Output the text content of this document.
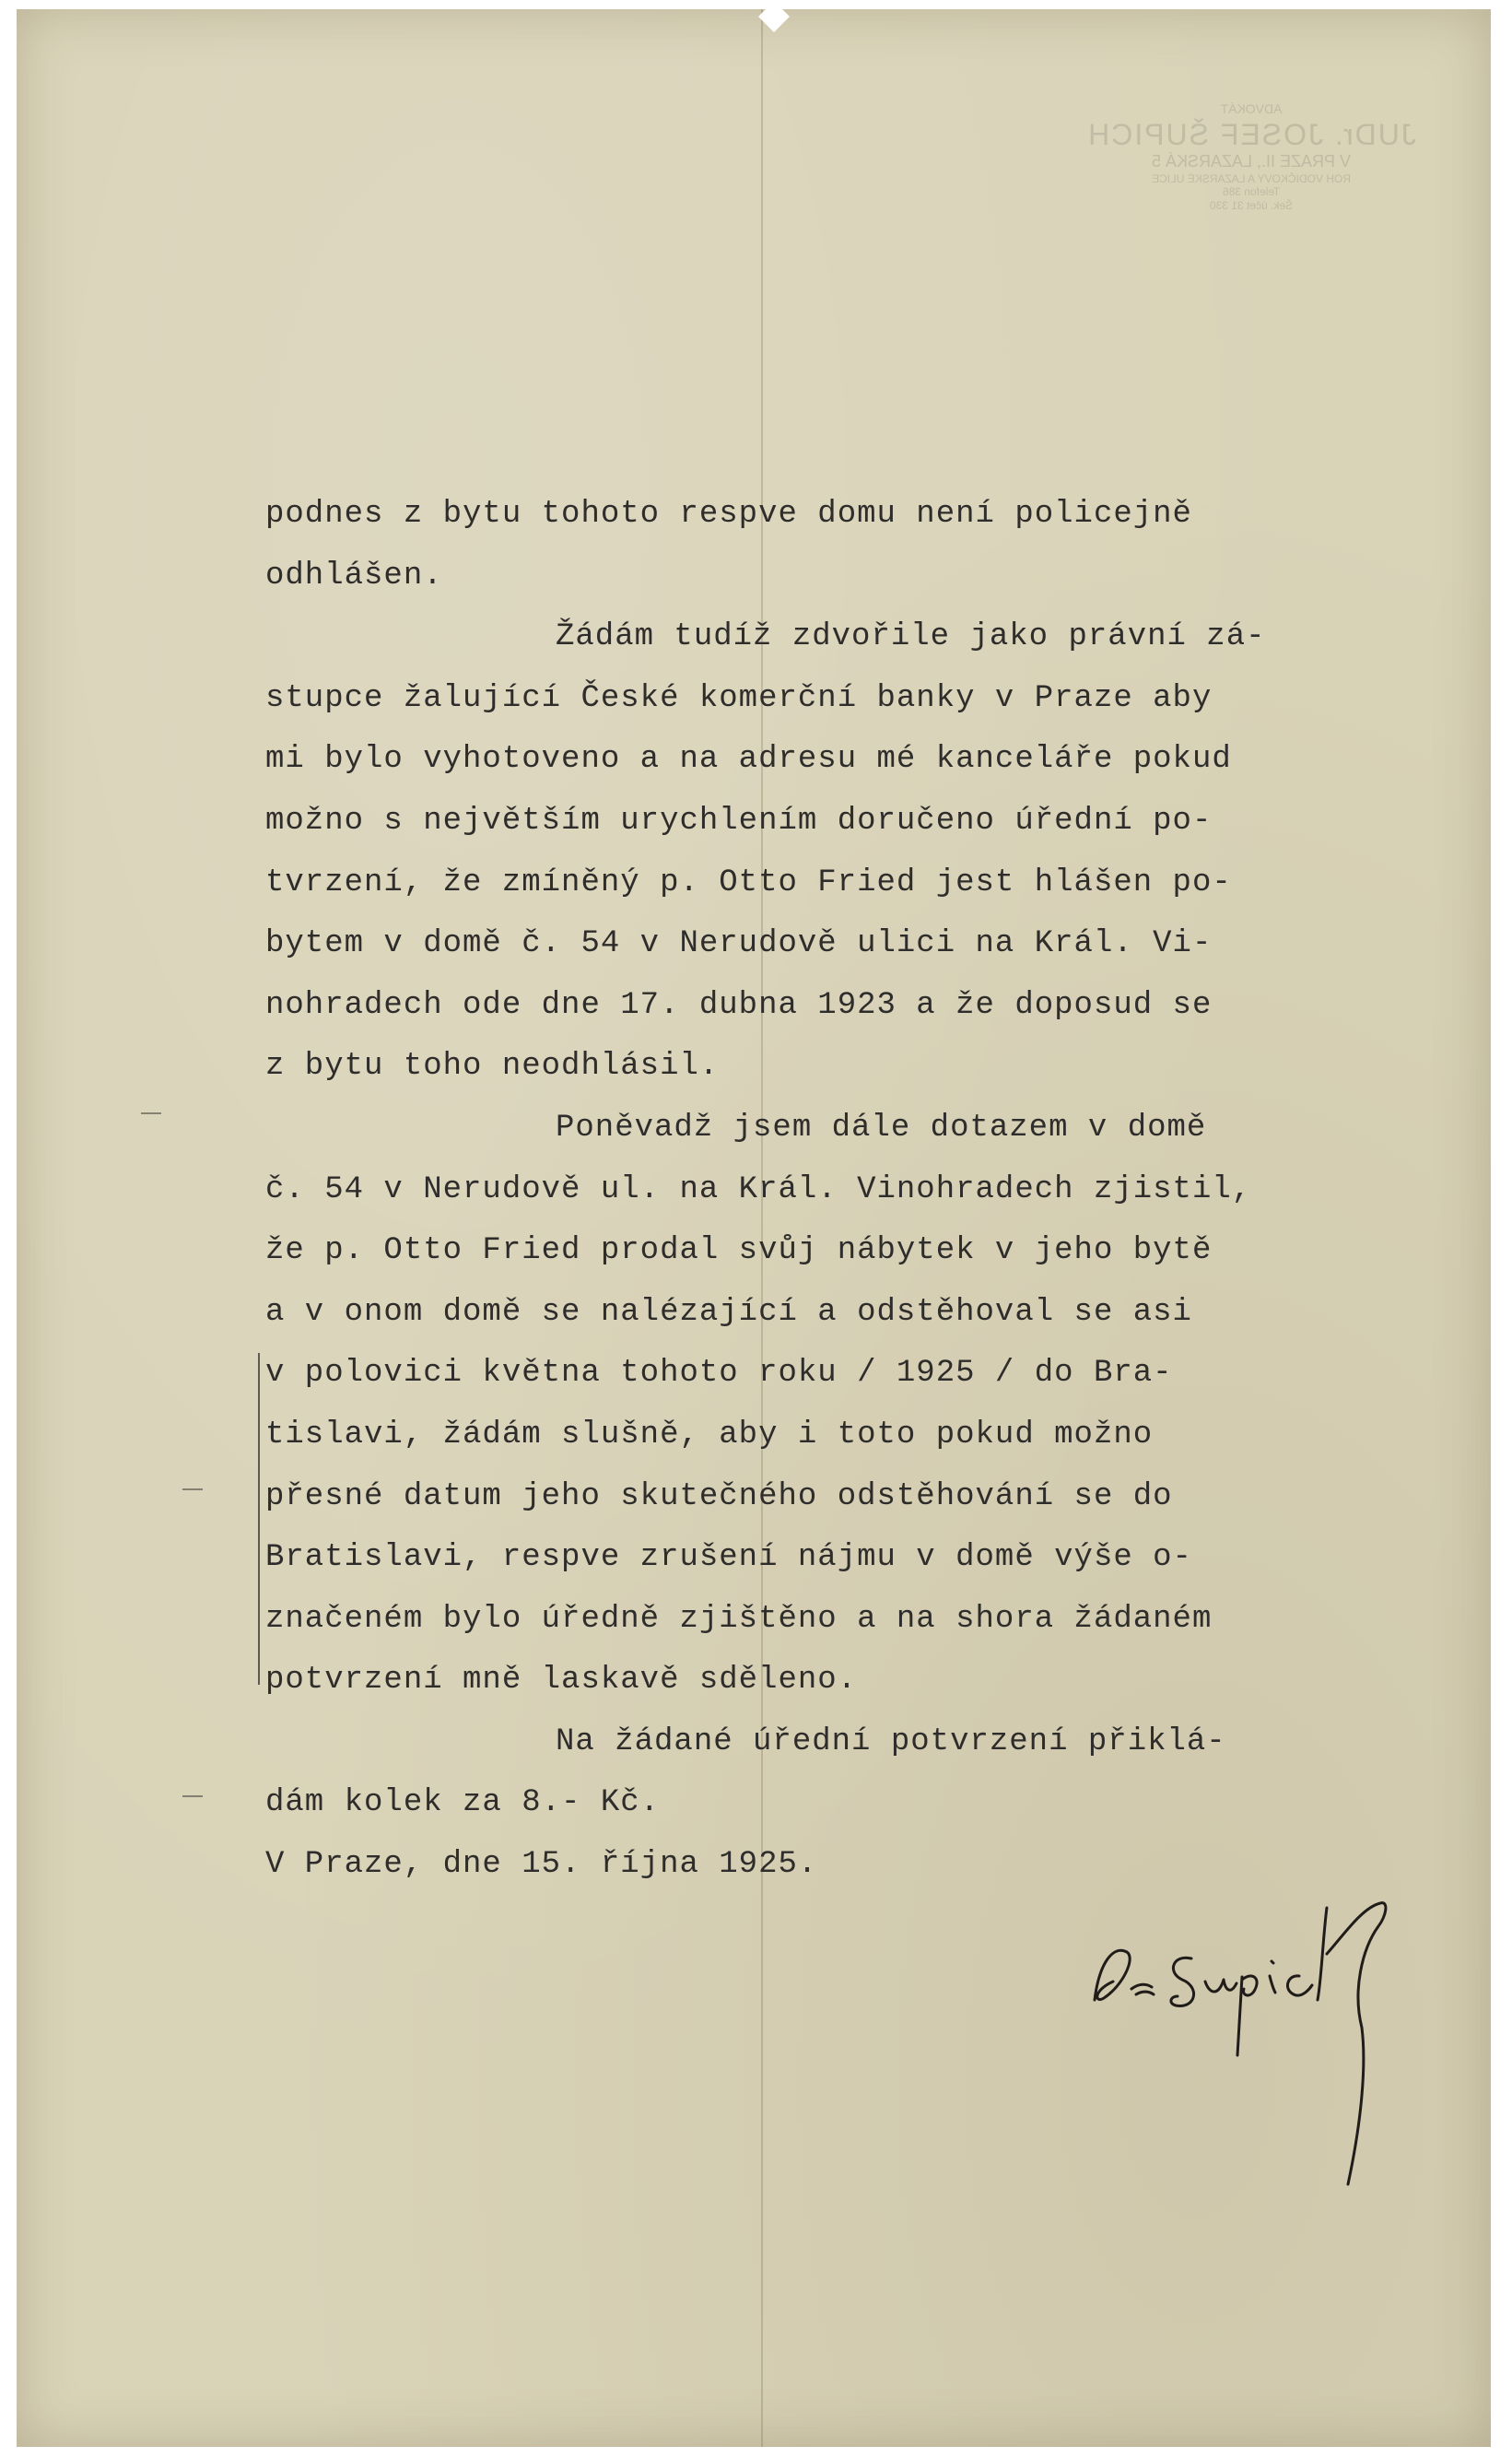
ADVOKÁT
JUDr. JOSEF ŠUPICH
V PRAZE II., LAZARSKÁ 5
ROH VODIČKOVY A LAZARSKÉ ULICE
Telefon 386
Šek. účet 31 330
podnes z bytu tohoto respve domu není policejně
odhlášen.
Žádám tudíž zdvořile jako právní zá-
stupce žalující České komerční banky v Praze aby
mi bylo vyhotoveno a na adresu mé kanceláře pokud
možno s největším urychlením doručeno úřední po-
tvrzení, že zmíněný p. Otto Fried jest hlášen po-
bytem v domě č. 54 v Nerudově ulici na Král. Vi-
nohradech ode dne 17. dubna 1923 a že doposud se
z bytu toho neodhlásil.
Poněvadž jsem dále dotazem v domě
č. 54 v Nerudově ul. na Král. Vinohradech zjistil,
že p. Otto Fried prodal svůj nábytek v jeho bytě
a v onom domě se nalézající a odstěhoval se asi
v polovici května tohoto roku / 1925 / do Bra-
tislavi, žádám slušně, aby i toto pokud možno
přesné datum jeho skutečného odstěhování se do
Bratislavi, respve zrušení nájmu v domě výše o-
značeném bylo úředně zjištěno a na shora žádaném
potvrzení mně laskavě sděleno.
Na žádané úřední potvrzení přiklá-
dám kolek za 8.- Kč.
V Praze, dne 15. října 1925.
